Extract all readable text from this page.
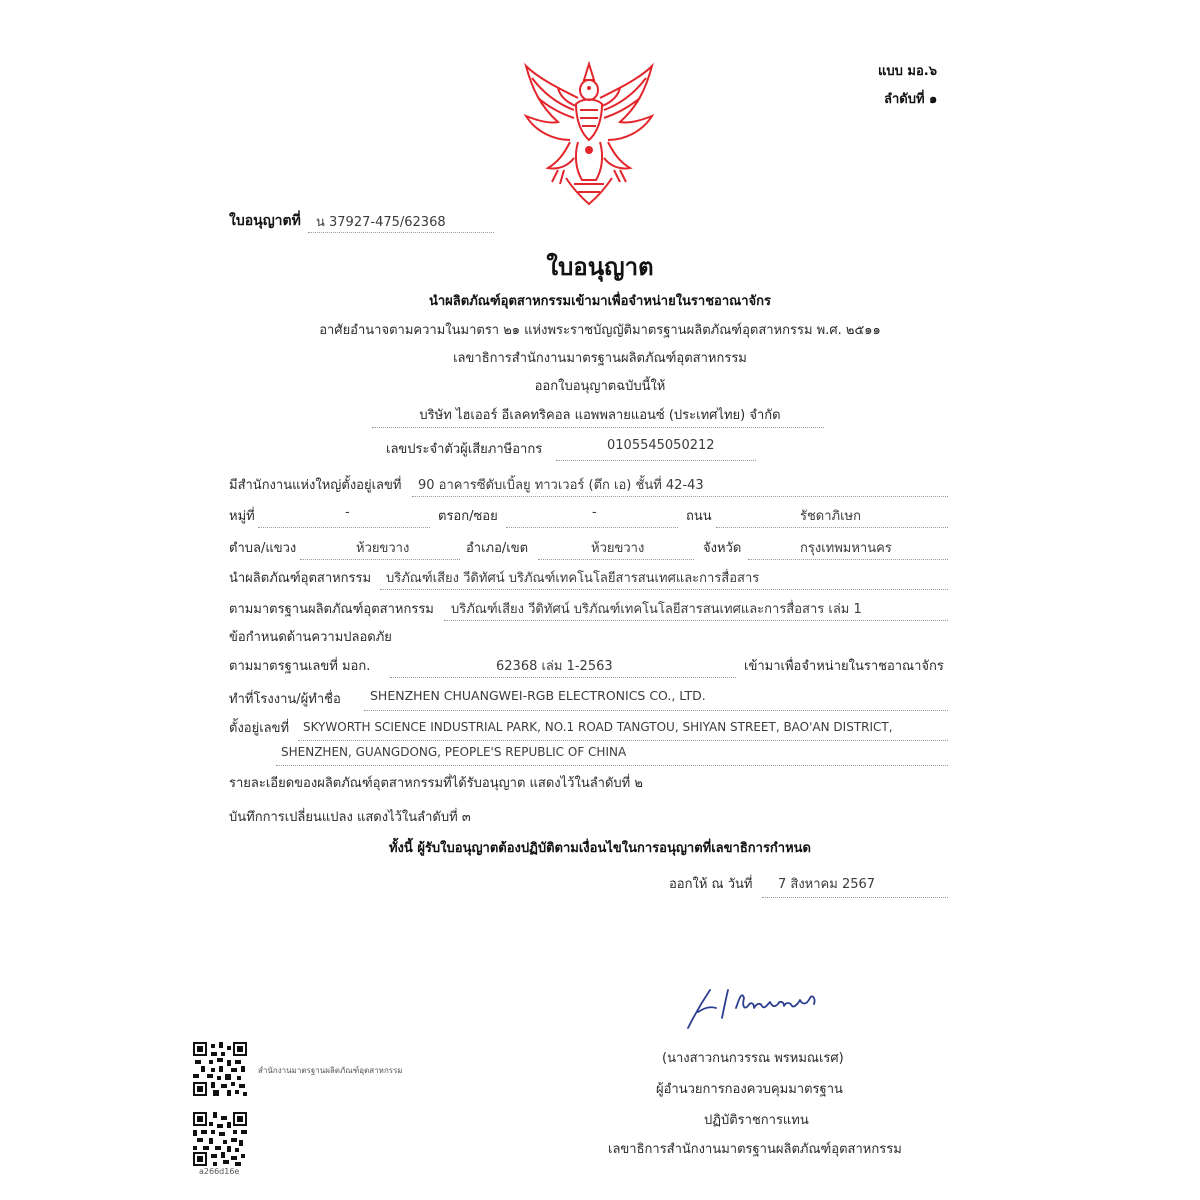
แบบ มอ.๖
ลำดับที่ ๑
ใบอนุญาตที่ น 37927-475/62368
ใบอนุญาต
นำผลิตภัณฑ์อุตสาหกรรมเข้ามาเพื่อจำหน่ายในราชอาณาจักร
อาศัยอำนาจตามความในมาตรา ๒๑ แห่งพระราชบัญญัติมาตรฐานผลิตภัณฑ์อุตสาหกรรม พ.ศ. ๒๕๑๑
เลขาธิการสำนักงานมาตรฐานผลิตภัณฑ์อุตสาหกรรม
ออกใบอนุญาตฉบับนี้ให้
บริษัท ไฮเออร์ อีเลคทริคอล แอพพลายแอนซ์ (ประเทศไทย) จำกัด
เลขประจำตัวผู้เสียภาษีอากร	0105545050212
มีสำนักงานแห่งใหญ่ตั้งอยู่เลขที่ 90 อาคารซีดับเบิ้ลยู ทาวเวอร์ (ตึก เอ) ชั้นที่ 42-43
หมู่ที่	-	ตรอก/ซอย	-	ถนน	รัชดาภิเษก
ตำบล/แขวง	ห้วยขวาง	อำเภอ/เขต	ห้วยขวาง	จังหวัด	กรุงเทพมหานคร
นำผลิตภัณฑ์อุตสาหกรรม บริภัณฑ์เสียง วีดิทัศน์ บริภัณฑ์เทคโนโลยีสารสนเทศและการสื่อสาร
ตามมาตรฐานผลิตภัณฑ์อุตสาหกรรม บริภัณฑ์เสียง วีดิทัศน์ บริภัณฑ์เทคโนโลยีสารสนเทศและการสื่อสาร เล่ม 1
ข้อกำหนดด้านความปลอดภัย
ตามมาตรฐานเลขที่ มอก.	62368 เล่ม 1-2563	เข้ามาเพื่อจำหน่ายในราชอาณาจักร
ทำที่โรงงาน/ผู้ทำชื่อ SHENZHEN CHUANGWEI-RGB ELECTRONICS CO., LTD.
ตั้งอยู่เลขที่ SKYWORTH SCIENCE INDUSTRIAL PARK, NO.1 ROAD TANGTOU, SHIYAN STREET, BAO'AN DISTRICT,
SHENZHEN, GUANGDONG, PEOPLE'S REPUBLIC OF CHINA
รายละเอียดของผลิตภัณฑ์อุตสาหกรรมที่ได้รับอนุญาต แสดงไว้ในลำดับที่ ๒
บันทึกการเปลี่ยนแปลง แสดงไว้ในลำดับที่ ๓
ทั้งนี้ ผู้รับใบอนุญาตต้องปฏิบัติตามเงื่อนไขในการอนุญาตที่เลขาธิการกำหนด
ออกให้ ณ วันที่ 7 สิงหาคม 2567
(นางสาวกนกวรรณ พรหมณเรศ)
ผู้อำนวยการกองควบคุมมาตรฐาน
ปฏิบัติราชการแทน
เลขาธิการสำนักงานมาตรฐานผลิตภัณฑ์อุตสาหกรรม
สำนักงานมาตรฐานผลิตภัณฑ์อุตสาหกรรม
a266d16e
